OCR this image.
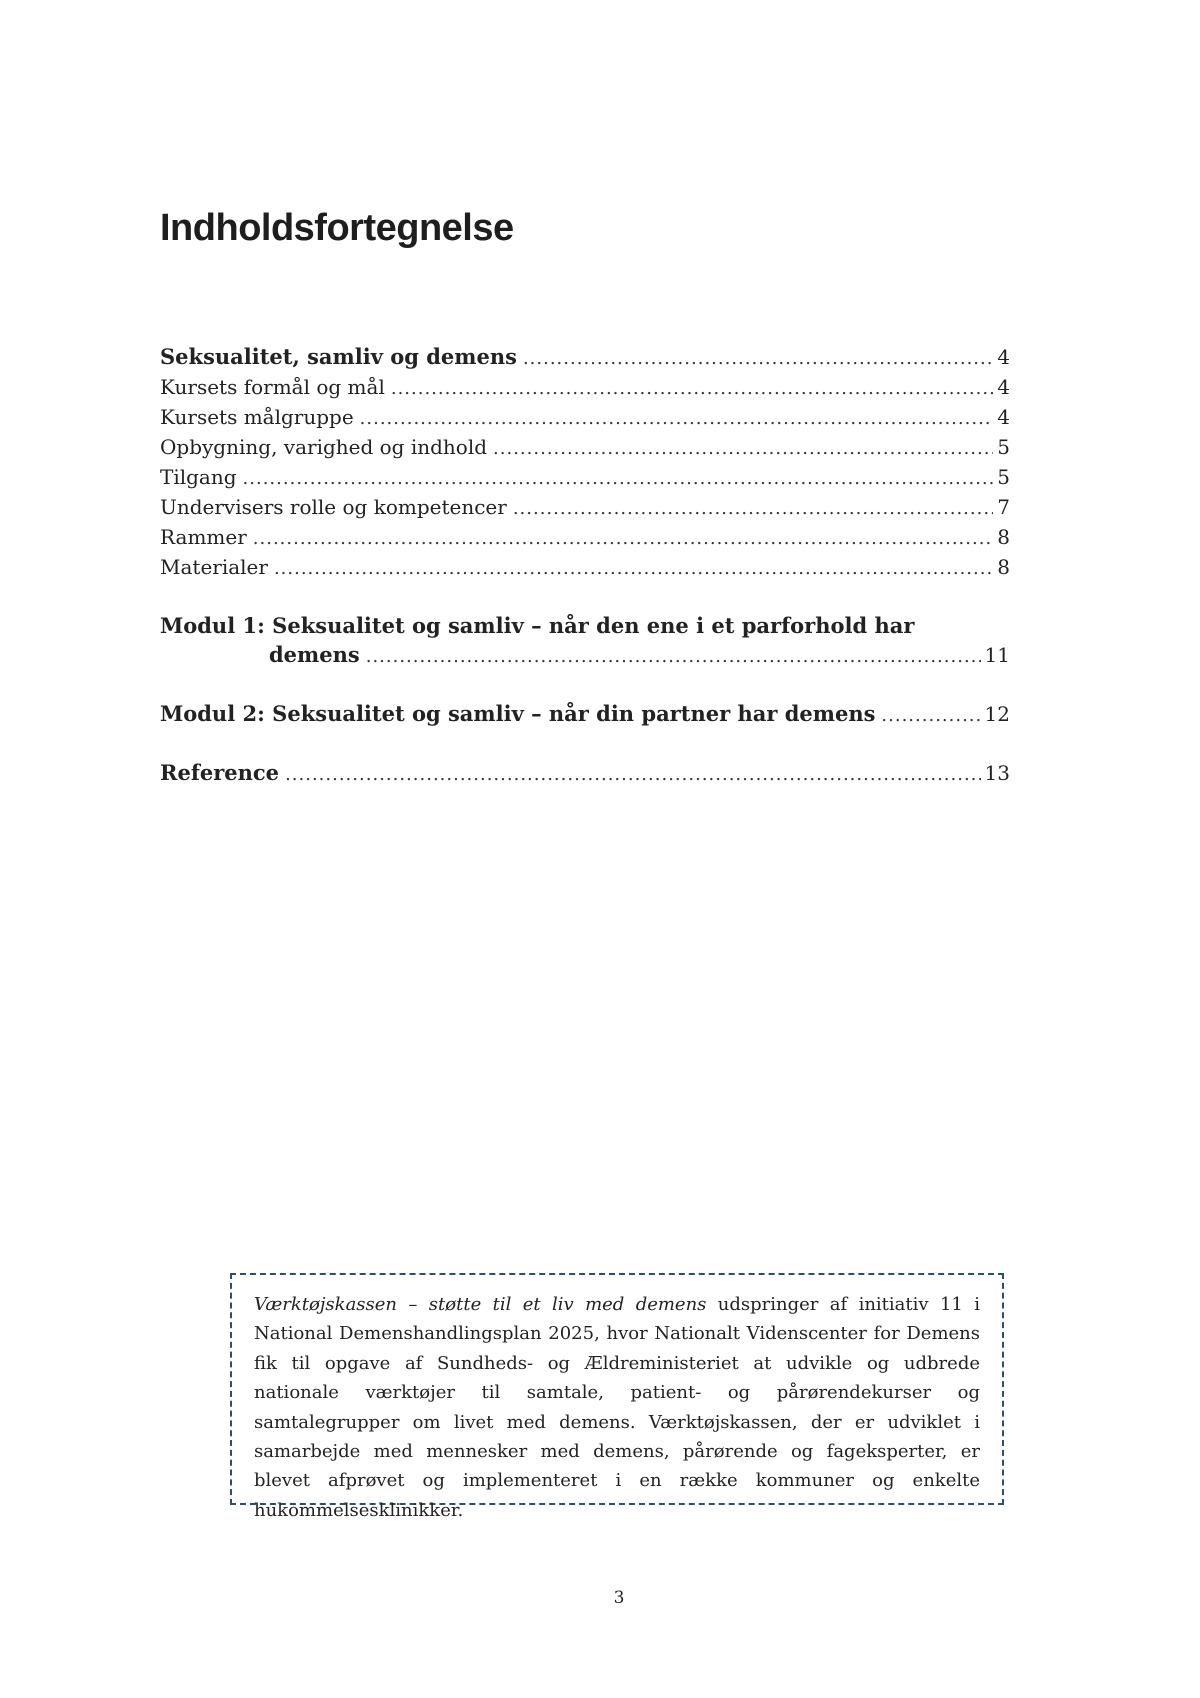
Indholdsfortegnelse
Seksualitet, samliv og demens .....	4
Kursets formål og mål .....	4
Kursets målgruppe .....	4
Opbygning, varighed og indhold .....	5
Tilgang .....	5
Undervisers rolle og kompetencer .....	7
Rammer .....	8
Materialer .....	8
Modul 1: Seksualitet og samliv – når den ene i et parforhold har
demens .....	11
Modul 2: Seksualitet og samliv – når din partner har demens .....	12
Reference .....	13

Værktøjskassen – støtte til et liv med demens udspringer af initiativ 11 i National Demenshandlingsplan 2025, hvor Nationalt Videnscenter for Demens fik til opgave af Sundheds- og Ældreministeriet at udvikle og udbrede nationale værktøjer til samtale, patient- og pårørendekurser og samtalegrupper om livet med demens. Værktøjskassen, der er udviklet i samarbejde med mennesker med demens, pårørende og fageksperter, er blevet afprøvet og implementeret i en række kommuner og enkelte hukommelsesklinikker.

3
